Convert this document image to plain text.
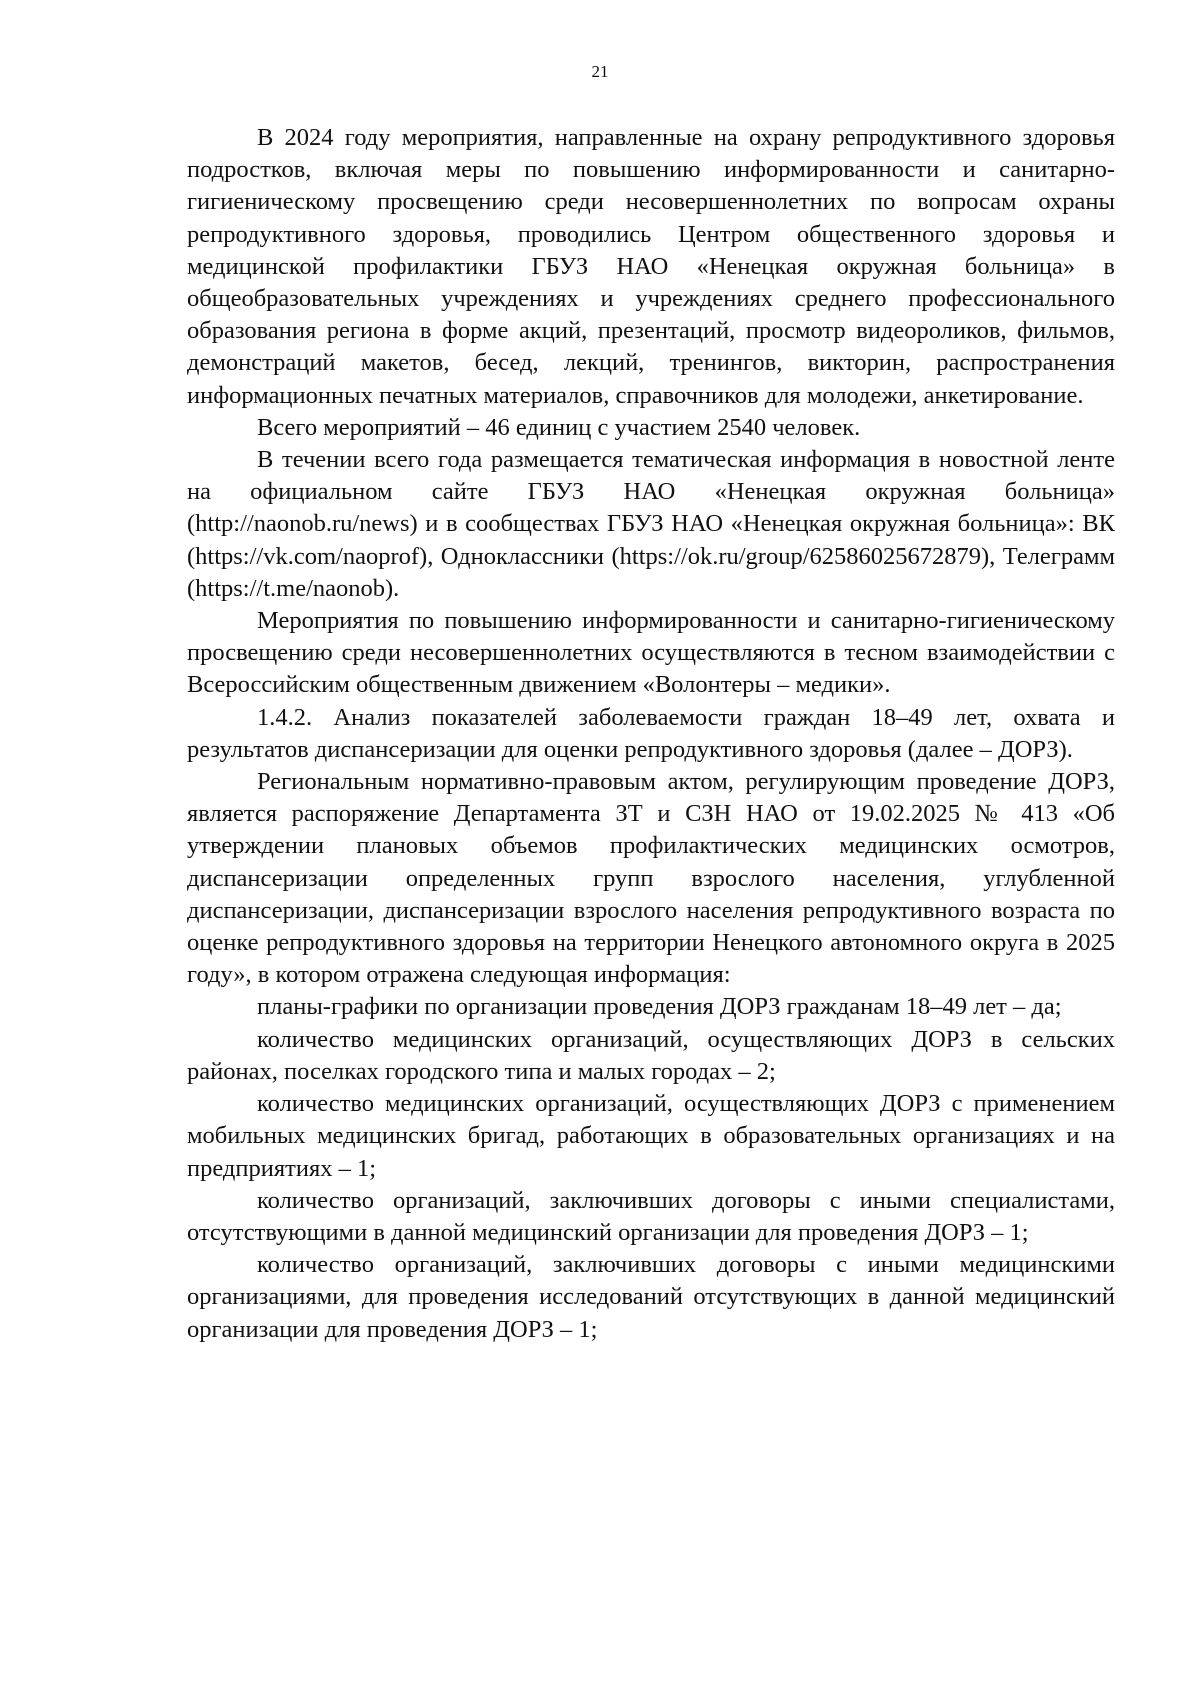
21

В 2024 году мероприятия, направленные на охрану репродуктивного здоровья подростков, включая меры по повышению информированности и санитарно-гигиеническому просвещению среди несовершеннолетних по вопросам охраны репродуктивного здоровья, проводились Центром общественного здоровья и медицинской профилактики ГБУЗ НАО «Ненецкая окружная больница» в общеобразовательных учреждениях и учреждениях среднего профессионального образования региона в форме акций, презентаций, просмотр видеороликов, фильмов, демонстраций макетов, бесед, лекций, тренингов, викторин, распространения информационных печатных материалов, справочников для молодежи, анкетирование.

Всего мероприятий – 46 единиц с участием 2540 человек.

В течении всего года размещается тематическая информация в новостной ленте на официальном сайте ГБУЗ НАО «Ненецкая окружная больница» (http://naonob.ru/news) и в сообществах ГБУЗ НАО «Ненецкая окружная больница»: ВК (https://vk.com/naoprof), Одноклассники (https://ok.ru/group/62586025672879), Телеграмм (https://t.me/naonob).

Мероприятия по повышению информированности и санитарно-гигиеническому просвещению среди несовершеннолетних осуществляются в тесном взаимодействии с Всероссийским общественным движением «Волонтеры – медики».

1.4.2. Анализ показателей заболеваемости граждан 18–49 лет, охвата и результатов диспансеризации для оценки репродуктивного здоровья (далее – ДОРЗ).

Региональным нормативно-правовым актом, регулирующим проведение ДОРЗ, является распоряжение Департамента ЗТ и СЗН НАО от 19.02.2025 № 413 «Об утверждении плановых объемов профилактических медицинских осмотров, диспансеризации определенных групп взрослого населения, углубленной диспансеризации, диспансеризации взрослого населения репродуктивного возраста по оценке репродуктивного здоровья на территории Ненецкого автономного округа в 2025 году», в котором отражена следующая информация:

планы-графики по организации проведения ДОРЗ гражданам 18–49 лет – да;

количество медицинских организаций, осуществляющих ДОРЗ в сельских районах, поселках городского типа и малых городах – 2;

количество медицинских организаций, осуществляющих ДОРЗ с применением мобильных медицинских бригад, работающих в образовательных организациях и на предприятиях – 1;

количество организаций, заключивших договоры с иными специалистами, отсутствующими в данной медицинский организации для проведения ДОРЗ – 1;

количество организаций, заключивших договоры с иными медицинскими организациями, для проведения исследований отсутствующих в данной медицинский организации для проведения ДОРЗ – 1;
